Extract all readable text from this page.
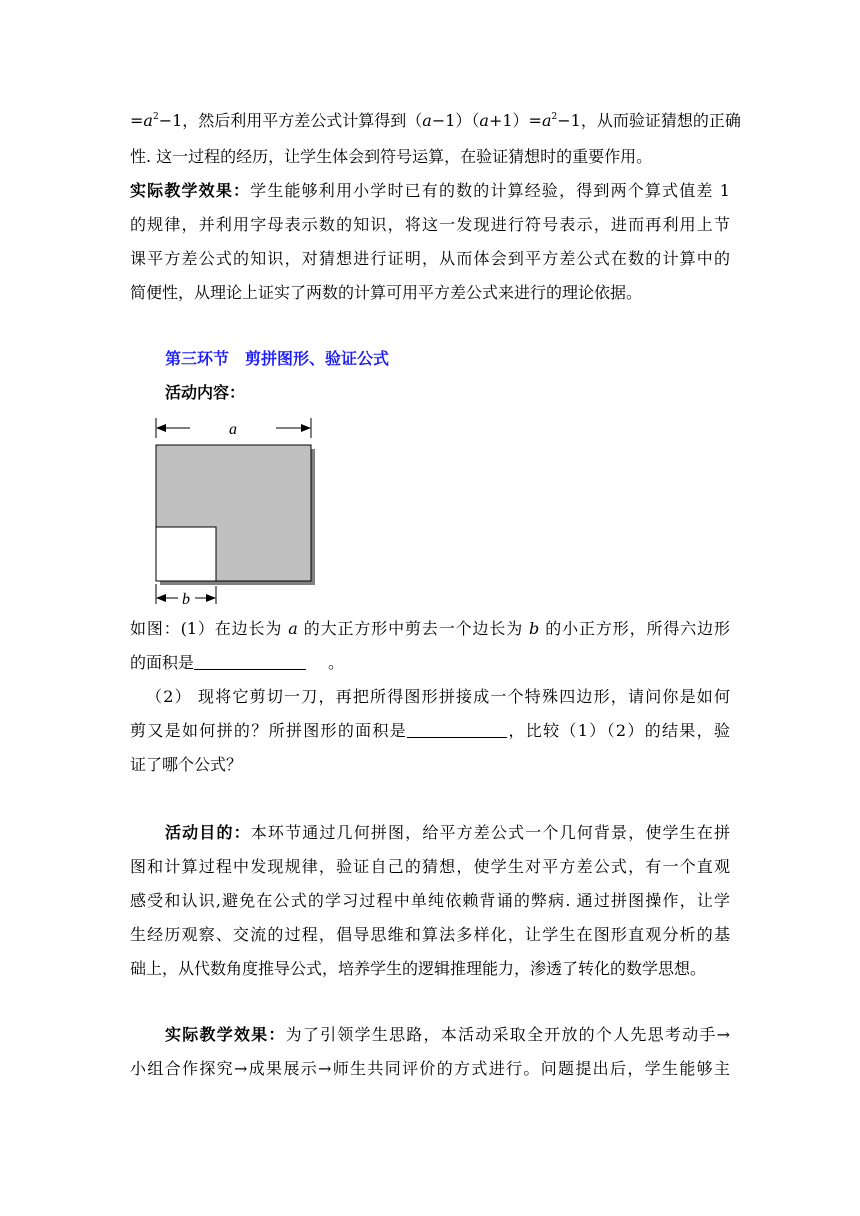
$=a^2-1$，然后利用平方差公式计算得到$(a-1)(a+1)=a^2-1$，从而验证猜想的正确
性. 这一过程的经历，让学生体会到符号运算，在验证猜想时的重要作用。
实际教学效果：学生能够利用小学时已有的数的计算经验，得到两个算式值差 1
的规律，并利用字母表示数的知识，将这一发现进行符号表示，进而再利用上节
课平方差公式的知识，对猜想进行证明，从而体会到平方差公式在数的计算中的
简便性，从理论上证实了两数的计算可用平方差公式来进行的理论依据。
第三环节　剪拼图形、验证公式
活动内容：
a
b
如图：(1）在边长为 a 的大正方形中剪去一个边长为 b 的小正方形，所得六边形
的面积是	。
（2） 现将它剪切一刀，再把所得图形拼接成一个特殊四边形，请问你是如何
剪又是如何拼的？所拼图形的面积是	，比较（1）（2）的结果，验
证了哪个公式？
活动目的：本环节通过几何拼图，给平方差公式一个几何背景，使学生在拼
图和计算过程中发现规律，验证自己的猜想，使学生对平方差公式，有一个直观
感受和认识,避免在公式的学习过程中单纯依赖背诵的弊病. 通过拼图操作，让学
生经历观察、交流的过程，倡导思维和算法多样化，让学生在图形直观分析的基
础上，从代数角度推导公式，培养学生的逻辑推理能力，渗透了转化的数学思想。
实际教学效果：为了引领学生思路，本活动采取全开放的个人先思考动手→
小组合作探究→成果展示→师生共同评价的方式进行。问题提出后，学生能够主
